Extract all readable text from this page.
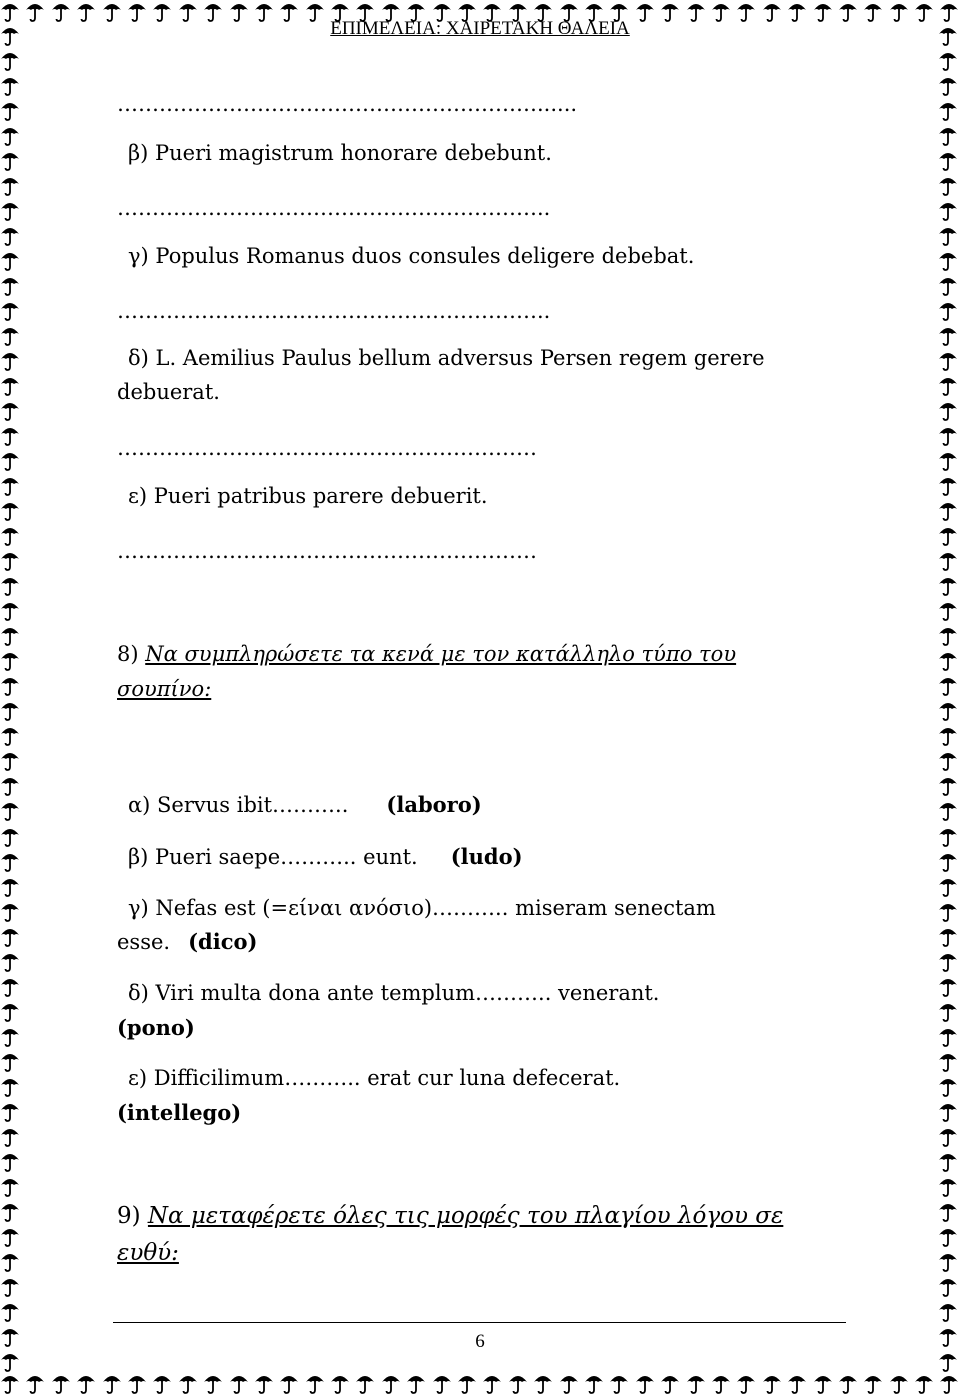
ΕΠΙΜΕΛΕΙΑ: ΧΑΙΡΕΤΑΚΗ ΘΑΛΕΙΑ
……………………………………………………......
β) Pueri magistrum honorare debebunt.
……………………………………………………..
γ) Populus Romanus duos consules deligere debebat.
……………………………………………………..
δ) L. Aemilius Paulus bellum adversus Persen regem gerere
debuerat.
……………………………………………………
ε) Pueri patribus parere debuerit.
……………………………………………………
8) Να συμπληρώσετε τα κενά με τον κατάλληλο τύπο του
σουπίνο:
α) Servus ibit……….. (laboro)
β) Pueri saepe……….. eunt. (ludo)
γ) Nefas est (=είναι ανόσιο)……….. miseram senectam
esse. (dico)
δ) Viri multa dona ante templum……….. venerant.
(pono)
ε) Difficilimum……….. erat cur luna defecerat.
(intellego)
9) Να μεταφέρετε όλες τις μορφές του πλαγίου λόγου σε
ευθύ:
6
